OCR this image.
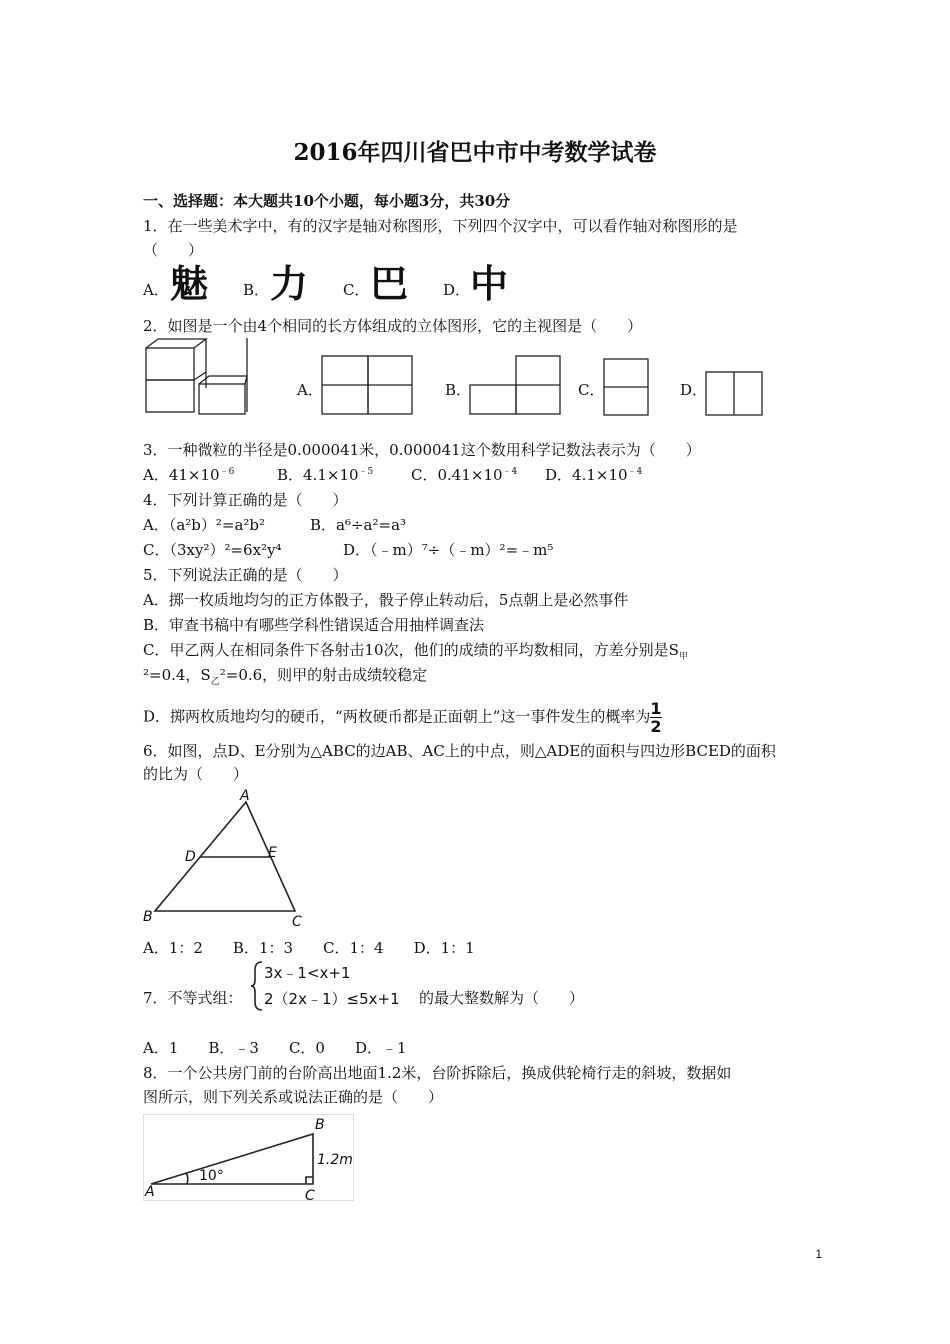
2016年四川省巴中市中考数学试卷
一、选择题：本大题共10个小题，每小题3分，共30分
1．在一些美术字中，有的汉字是轴对称图形，下列四个汉字中，可以看作轴对称图形的是
（　　）
A． 魅 B． 力 C． 巴 D． 中
2．如图是一个由4个相同的长方体组成的立体图形，它的主视图是（　　）
A．	B．	C．	D．
3．一种微粒的半径是0.000041米，0.000041这个数用科学记数法表示为（　　）
A．$41\times 10^{﹣6}$	B．$4.1\times 10^{﹣5}$	C．$0.41\times 10^{﹣4}$ D．$4.1\times 10^{﹣4}$
4．下列计算正确的是（　　）
A．（a²b）²=a²b²	B．a⁶÷a²=a³
C．（3xy²）²=6x²y⁴	D．（﹣m）⁷÷（﹣m）²=﹣m⁵
5．下列说法正确的是（　　）
A．掷一枚质地均匀的正方体骰子，骰子停止转动后，5点朝上是必然事件
B．审查书稿中有哪些学科性错误适合用抽样调查法
C．甲乙两人在相同条件下各射击10次，他们的成绩的平均数相同，方差分别是$S_甲$
²=0.4，$S_乙^2=0.6$，则甲的射击成绩较稳定
D．掷两枚质地均匀的硬币，“两枚硬币都是正面朝上”这一事件发生的概率为 $\frac{1}{2}$
6．如图，点D、E分别为△ABC的边AB、AC上的中点，则△ADE的面积与四边形BCED的面积
的比为（　　）
A
D	E
B	C
A．1：2　　B．1：3　　C．1：4　　D．1：1
7．不等式组：
3x﹣1<x+1
2（2x﹣1）≤5x+1 的最大整数解为（　　）
A．1　　B．﹣3　　C．0　　D．﹣1
8．一个公共房门前的台阶高出地面1.2米，台阶拆除后，换成供轮椅行走的斜坡，数据如
图所示，则下列关系或说法正确的是（　　）
A
B
C
1.2m
10°
1
